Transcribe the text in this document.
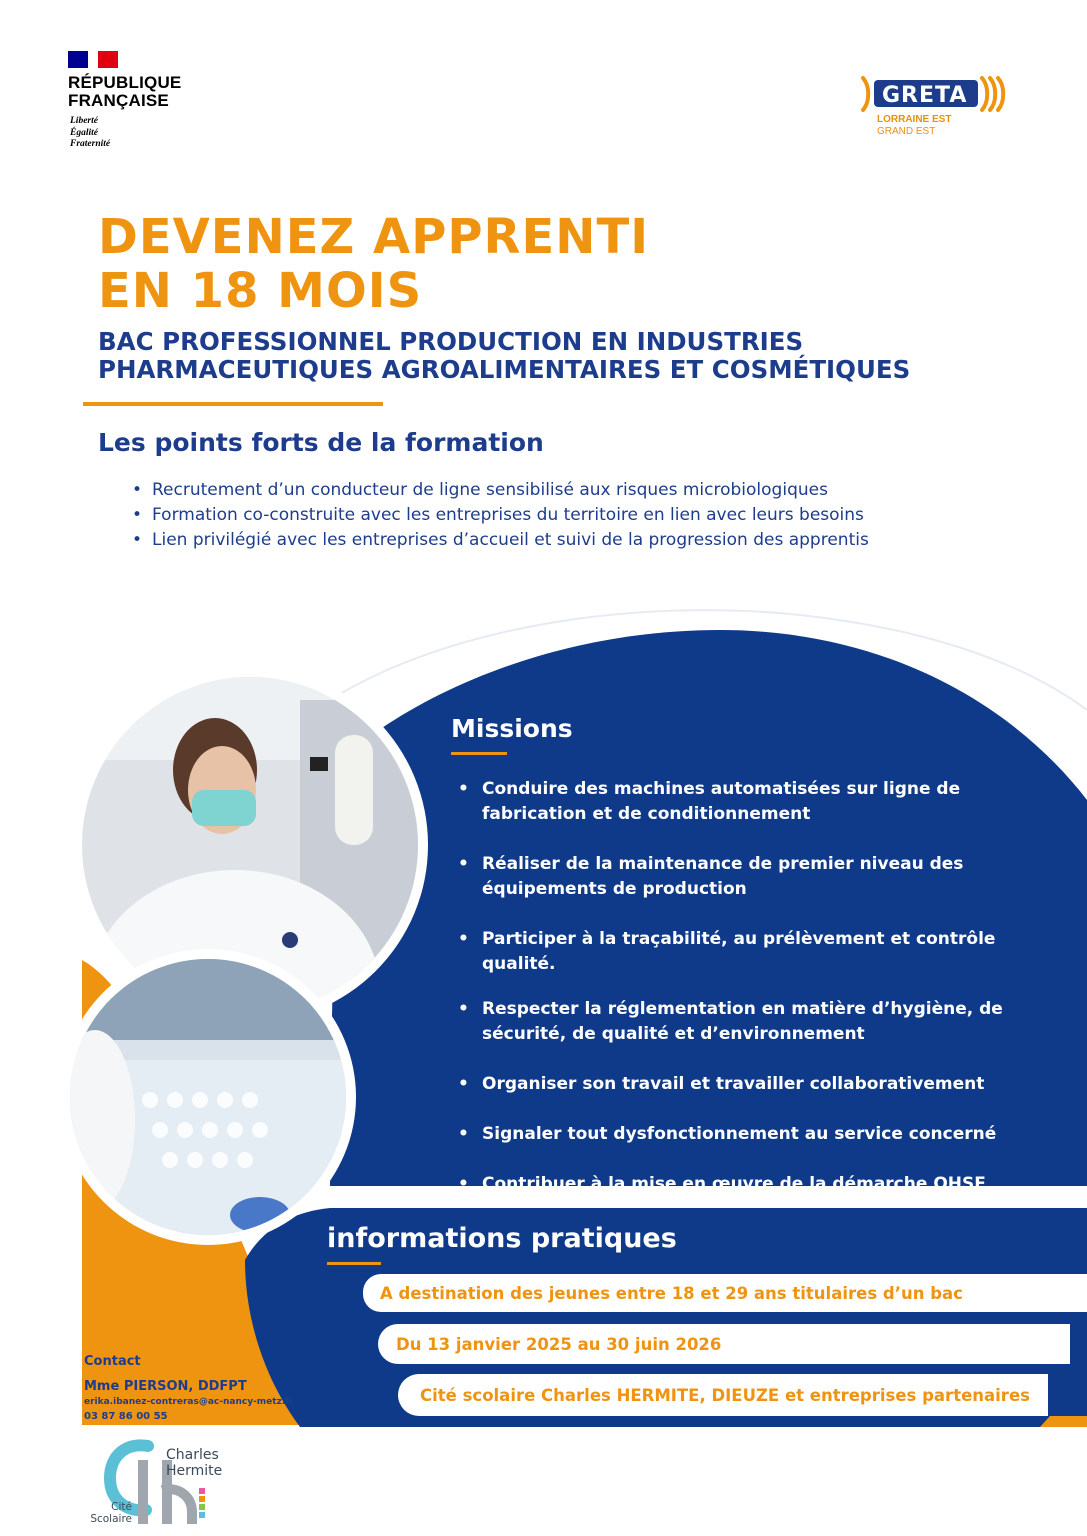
RÉPUBLIQUE
FRANÇAISE
Liberté
Égalité
Fraternité
GRETA
LORRAINE EST
GRAND EST
DEVENEZ APPRENTI
EN 18 MOIS
BAC PROFESSIONNEL PRODUCTION EN INDUSTRIES
PHARMACEUTIQUES AGROALIMENTAIRES ET COSMÉTIQUES
Les points forts de la formation
• Recrutement d’un conducteur de ligne sensibilisé aux risques microbiologiques
• Formation co-construite avec les entreprises du territoire en lien avec leurs besoins
• Lien privilégié avec les entreprises d’accueil et suivi de la progression des apprentis
Missions
• Conduire des machines automatisées sur ligne de fabrication et de conditionnement
• Réaliser de la maintenance de premier niveau des équipements de production
• Participer à la traçabilité, au prélèvement et contrôle qualité.
• Respecter la réglementation en matière d’hygiène, de sécurité, de qualité et d’environnement
• Organiser son travail et travailler collaborativement
• Signaler tout dysfonctionnement au service concerné
• Contribuer à la mise en œuvre de la démarche QHSE
informations pratiques
A destination des jeunes entre 18 et 29 ans titulaires d’un bac
Du 13 janvier 2025 au 30 juin 2026
Cité scolaire Charles HERMITE, DIEUZE et entreprises partenaires
Contact
Mme PIERSON, DDFPT
erika.ibanez-contreras@ac-nancy-metz.fr
03 87 86 00 55
Charles
Hermite
Cité
Scolaire
